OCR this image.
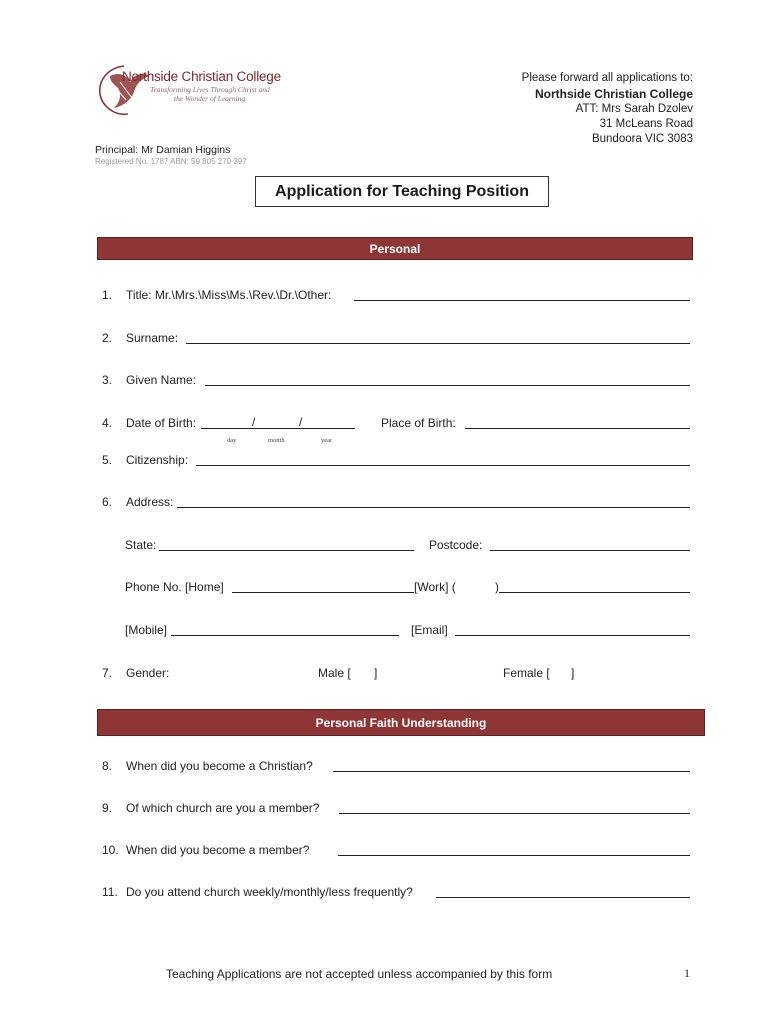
Northside Christian College
Transforming Lives Through Christ and
the Wonder of Learning
Please forward all applications to:
Northside Christian College
ATT: Mrs Sarah Dzolev
31 McLeans Road
Bundoora VIC 3083
Principal: Mr Damian Higgins
Registered No. 1787 ABN: 59 805 270 397
Application for Teaching Position
Personal
1. Title: Mr.\Mrs.\Miss\Ms.\Rev.\Dr.\Other:
2. Surname:
3. Given Name:
4. Date of Birth:	/	/
day	month	year
Place of Birth:
5. Citizenship:
6. Address:
State:	Postcode:
Phone No. [Home]	[Work] (	)
[Mobile]	[Email]
7. Gender:	Male [ ]	Female [ ]
Personal Faith Understanding
8. When did you become a Christian?
9. Of which church are you a member?
10. When did you become a member?
11. Do you attend church weekly/monthly/less frequently?
Teaching Applications are not accepted unless accompanied by this form	1
